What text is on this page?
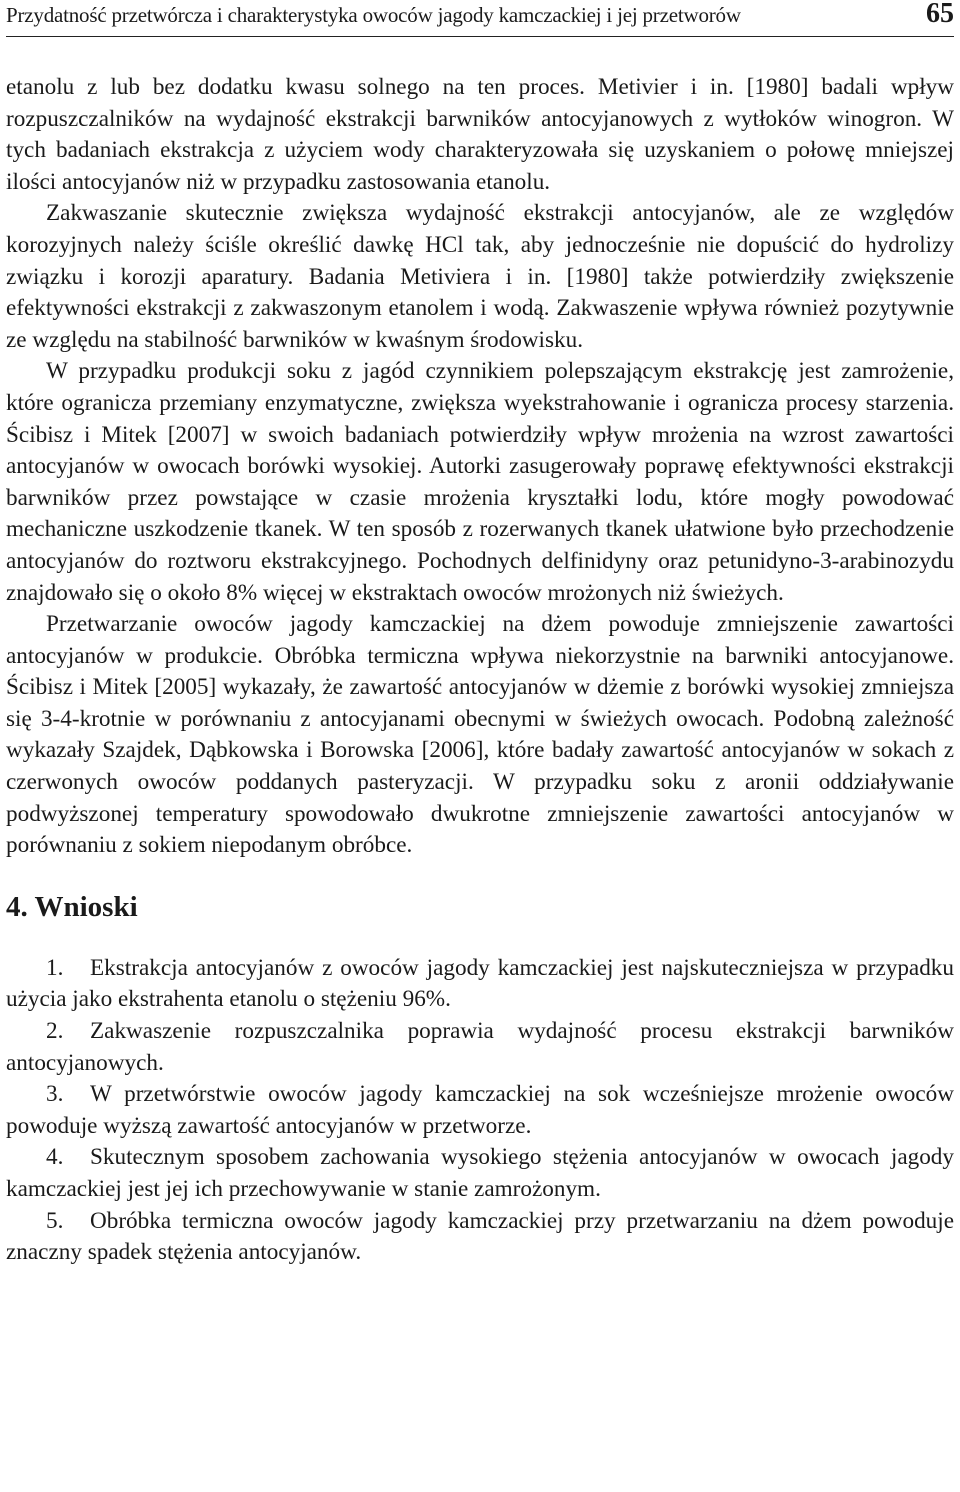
Przydatność przetwórcza i charakterystyka owoców jagody kamczackiej i jej przetworów	65

etanolu z lub bez dodatku kwasu solnego na ten proces. Metivier i in. [1980] badali wpływ rozpuszczalników na wydajność ekstrakcji barwników antocyjanowych z wytłoków winogron. W tych badaniach ekstrakcja z użyciem wody charakteryzowała się uzyskaniem o połowę mniejszej ilości antocyjanów niż w przypadku zastosowania etanolu.

Zakwaszanie skutecznie zwiększa wydajność ekstrakcji antocyjanów, ale ze względów korozyjnych należy ściśle określić dawkę HCl tak, aby jednocześnie nie dopuścić do hydrolizy związku i korozji aparatury. Badania Metiviera i in. [1980] także potwierdziły zwiększenie efektywności ekstrakcji z zakwaszonym etanolem i wodą. Zakwaszenie wpływa również pozytywnie ze względu na stabilność barwników w kwaśnym środowisku.

W przypadku produkcji soku z jagód czynnikiem polepszającym ekstrakcję jest zamrożenie, które ogranicza przemiany enzymatyczne, zwiększa wyekstrahowanie i ogranicza procesy starzenia. Ścibisz i Mitek [2007] w swoich badaniach potwierdziły wpływ mrożenia na wzrost zawartości antocyjanów w owocach borówki wysokiej. Autorki zasugerowały poprawę efektywności ekstrakcji barwników przez powstające w czasie mrożenia kryształki lodu, które mogły powodować mechaniczne uszkodzenie tkanek. W ten sposób z rozerwanych tkanek ułatwione było przechodzenie antocyjanów do roztworu ekstrakcyjnego. Pochodnych delfinidyny oraz petunidyno-3-arabinozydu znajdowało się o około 8% więcej w ekstraktach owoców mrożonych niż świeżych.

Przetwarzanie owoców jagody kamczackiej na dżem powoduje zmniejszenie zawartości antocyjanów w produkcie. Obróbka termiczna wpływa niekorzystnie na barwniki antocyjanowe. Ścibisz i Mitek [2005] wykazały, że zawartość antocyjanów w dżemie z borówki wysokiej zmniejsza się 3-4-krotnie w porównaniu z antocyjanami obecnymi w świeżych owocach. Podobną zależność wykazały Szajdek, Dąbkowska i Borowska [2006], które badały zawartość antocyjanów w sokach z czerwonych owoców poddanych pasteryzacji. W przypadku soku z aronii oddziaływanie podwyższonej temperatury spowodowało dwukrotne zmniejszenie zawartości antocyjanów w porównaniu z sokiem niepodanym obróbce.

4. Wnioski

1. Ekstrakcja antocyjanów z owoców jagody kamczackiej jest najskuteczniejsza w przypadku użycia jako ekstrahenta etanolu o stężeniu 96%.

2. Zakwaszenie rozpuszczalnika poprawia wydajność procesu ekstrakcji barwników antocyjanowych.

3. W przetwórstwie owoców jagody kamczackiej na sok wcześniejsze mrożenie owoców powoduje wyższą zawartość antocyjanów w przetworze.

4. Skutecznym sposobem zachowania wysokiego stężenia antocyjanów w owocach jagody kamczackiej jest jej ich przechowywanie w stanie zamrożonym.

5. Obróbka termiczna owoców jagody kamczackiej przy przetwarzaniu na dżem powoduje znaczny spadek stężenia antocyjanów.
